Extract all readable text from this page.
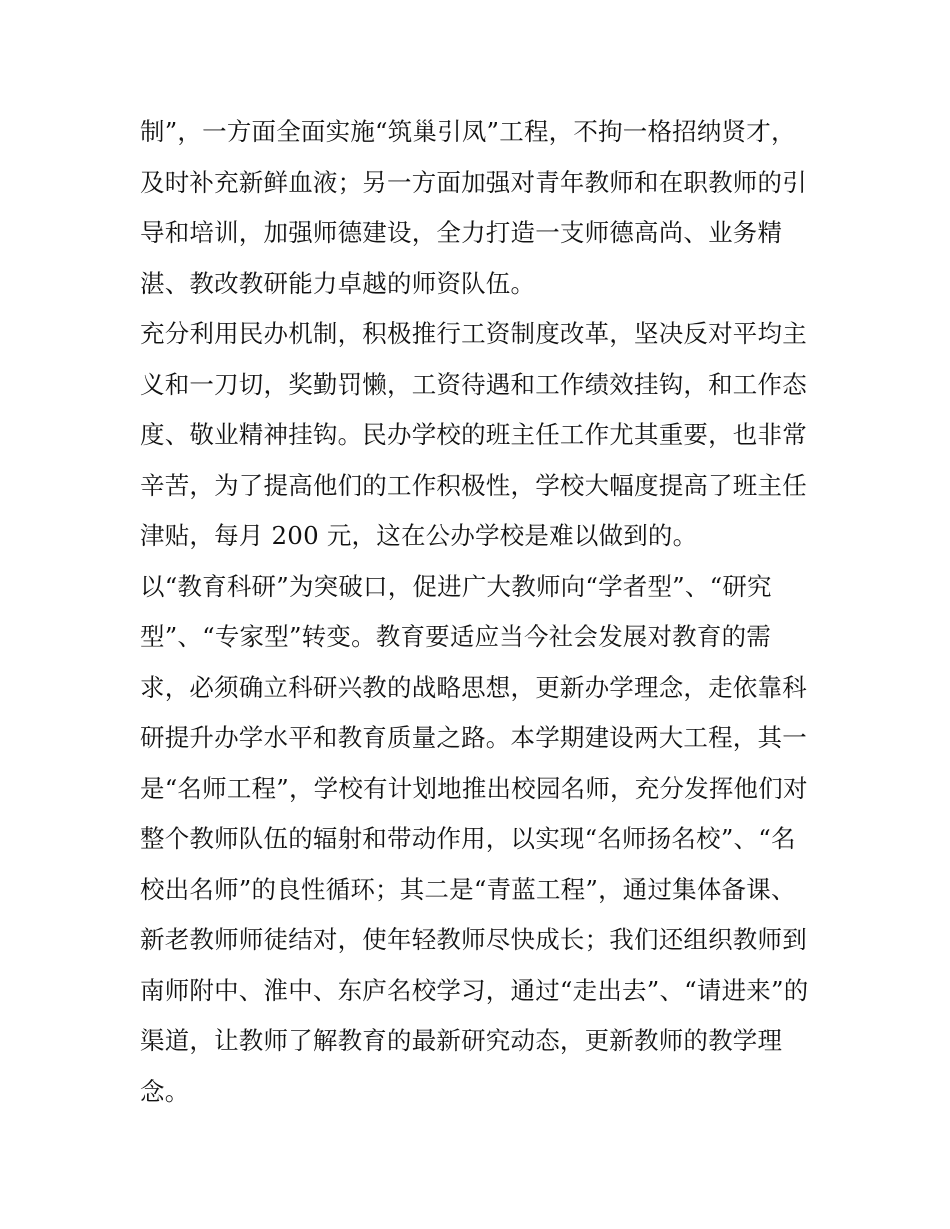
制”，一方面全面实施“筑巢引凤”工程，不拘一格招纳贤才，
及时补充新鲜血液；另一方面加强对青年教师和在职教师的引
导和培训，加强师德建设，全力打造一支师德高尚、业务精
湛、教改教研能力卓越的师资队伍。
充分利用民办机制，积极推行工资制度改革，坚决反对平均主
义和一刀切，奖勤罚懒，工资待遇和工作绩效挂钩，和工作态
度、敬业精神挂钩。民办学校的班主任工作尤其重要，也非常
辛苦，为了提高他们的工作积极性，学校大幅度提高了班主任
津贴，每月 200 元，这在公办学校是难以做到的。
以“教育科研”为突破口，促进广大教师向“学者型”、“研究
型”、“专家型”转变。教育要适应当今社会发展对教育的需
求，必须确立科研兴教的战略思想，更新办学理念，走依靠科
研提升办学水平和教育质量之路。本学期建设两大工程，其一
是“名师工程”，学校有计划地推出校园名师，充分发挥他们对
整个教师队伍的辐射和带动作用，以实现“名师扬名校”、“名
校出名师”的良性循环；其二是“青蓝工程”，通过集体备课、
新老教师师徒结对，使年轻教师尽快成长；我们还组织教师到
南师附中、淮中、东庐名校学习，通过“走出去”、“请进来”的
渠道，让教师了解教育的最新研究动态，更新教师的教学理
念。
